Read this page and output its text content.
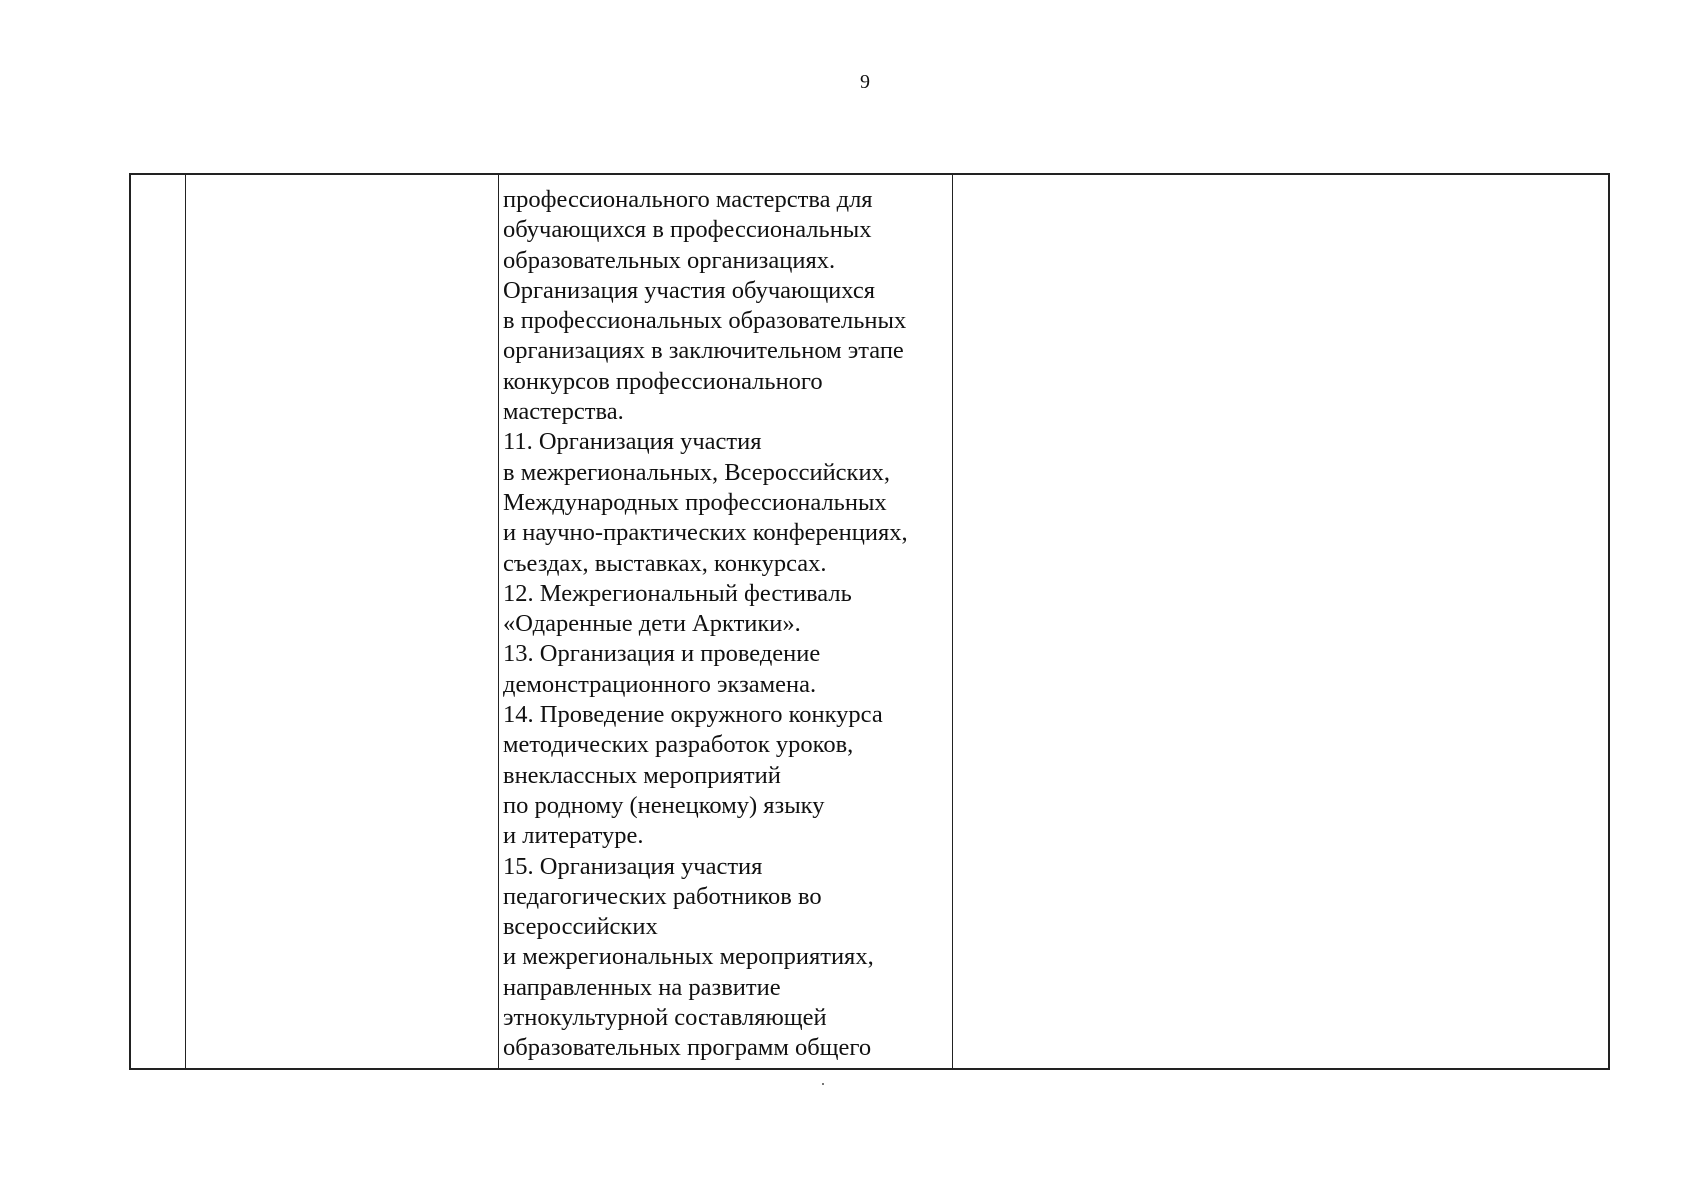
9
профессионального мастерства для
обучающихся в профессиональных
образовательных организациях.
Организация участия обучающихся
в профессиональных образовательных
организациях в заключительном этапе
конкурсов профессионального
мастерства.
11. Организация участия
в межрегиональных, Всероссийских,
Международных профессиональных
и научно-практических конференциях,
съездах, выставках, конкурсах.
12. Межрегиональный фестиваль
«Одаренные дети Арктики».
13. Организация и проведение
демонстрационного экзамена.
14. Проведение окружного конкурса
методических разработок уроков,
внеклассных мероприятий
по родному (ненецкому) языку
и литературе.
15. Организация участия
педагогических работников во
всероссийских
и межрегиональных мероприятиях,
направленных на развитие
этнокультурной составляющей
образовательных программ общего
